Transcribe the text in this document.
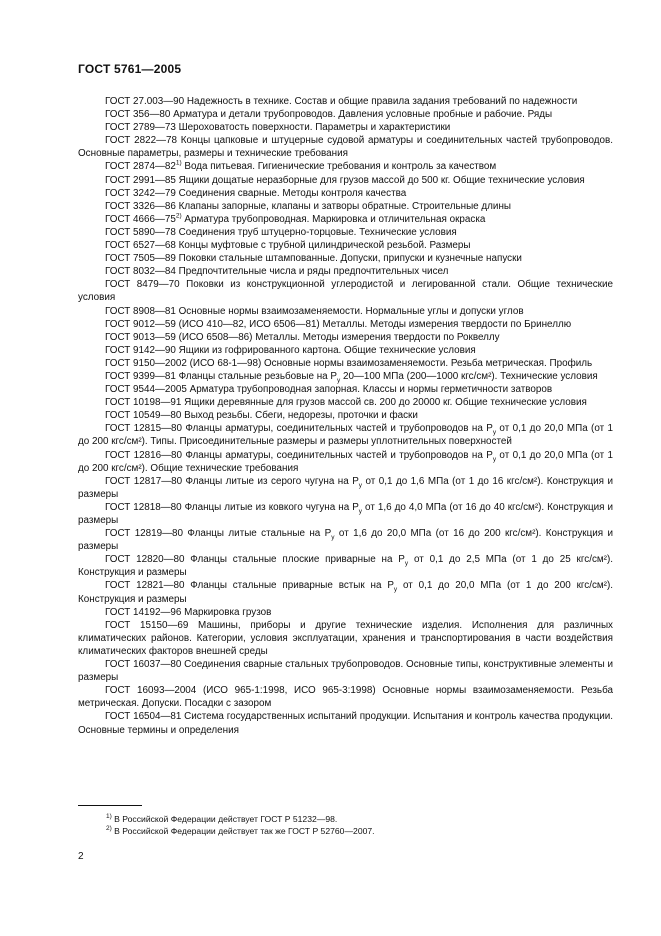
ГОСТ 5761—2005

ГОСТ 27.003—90 Надежность в технике. Состав и общие правила задания требований по надежности

ГОСТ 356—80 Арматура и детали трубопроводов. Давления условные пробные и рабочие. Ряды

ГОСТ 2789—73 Шероховатость поверхности. Параметры и характеристики

ГОСТ 2822—78 Концы цапковые и штуцерные судовой арматуры и соединительных частей трубопроводов. Основные параметры, размеры и технические требования

ГОСТ 2874—82$^{1)}$ Вода питьевая. Гигиенические требования и контроль за качеством

ГОСТ 2991—85 Ящики дощатые неразборные для грузов массой до 500 кг. Общие технические условия

ГОСТ 3242—79 Соединения сварные. Методы контроля качества

ГОСТ 3326—86 Клапаны запорные, клапаны и затворы обратные. Строительные длины

ГОСТ 4666—75$^{2)}$ Арматура трубопроводная. Маркировка и отличительная окраска

ГОСТ 5890—78 Соединения труб штуцерно-торцовые. Технические условия

ГОСТ 6527—68 Концы муфтовые с трубной цилиндрической резьбой. Размеры

ГОСТ 7505—89 Поковки стальные штампованные. Допуски, припуски и кузнечные напуски

ГОСТ 8032—84 Предпочтительные числа и ряды предпочтительных чисел

ГОСТ 8479—70 Поковки из конструкционной углеродистой и легированной стали. Общие технические условия

ГОСТ 8908—81 Основные нормы взаимозаменяемости. Нормальные углы и допуски углов

ГОСТ 9012—59 (ИСО 410—82, ИСО 6506—81) Металлы. Методы измерения твердости по Бринеллю

ГОСТ 9013—59 (ИСО 6508—86) Металлы. Методы измерения твердости по Роквеллу

ГОСТ 9142—90 Ящики из гофрированного картона. Общие технические условия

ГОСТ 9150—2002 (ИСО 68-1—98) Основные нормы взаимозаменяемости. Резьба метрическая. Профиль

ГОСТ 9399—81 Фланцы стальные резьбовые на $P_у$ 20—100 МПа (200—1000 кгс/см²). Технические условия

ГОСТ 9544—2005 Арматура трубопроводная запорная. Классы и нормы герметичности затворов

ГОСТ 10198—91 Ящики деревянные для грузов массой св. 200 до 20000 кг. Общие технические условия

ГОСТ 10549—80 Выход резьбы. Сбеги, недорезы, проточки и фаски

ГОСТ 12815—80 Фланцы арматуры, соединительных частей и трубопроводов на $P_у$ от 0,1 до 20,0 МПа (от 1 до 200 кгс/см²). Типы. Присоединительные размеры и размеры уплотнительных поверхностей

ГОСТ 12816—80 Фланцы арматуры, соединительных частей и трубопроводов на $P_у$ от 0,1 до 20,0 МПа (от 1 до 200 кгс/см²). Общие технические требования

ГОСТ 12817—80 Фланцы литые из серого чугуна на $P_у$ от 0,1 до 1,6 МПа (от 1 до 16 кгс/см²). Конструкция и размеры

ГОСТ 12818—80 Фланцы литые из ковкого чугуна на $P_у$ от 1,6 до 4,0 МПа (от 16 до 40 кгс/см²). Конструкция и размеры

ГОСТ 12819—80 Фланцы литые стальные на $P_у$ от 1,6 до 20,0 МПа (от 16 до 200 кгс/см²). Конструкция и размеры

ГОСТ 12820—80 Фланцы стальные плоские приварные на $P_у$ от 0,1 до 2,5 МПа (от 1 до 25 кгс/см²). Конструкция и размеры

ГОСТ 12821—80 Фланцы стальные приварные встык на $P_у$ от 0,1 до 20,0 МПа (от 1 до 200 кгс/см²). Конструкция и размеры

ГОСТ 14192—96 Маркировка грузов

ГОСТ 15150—69 Машины, приборы и другие технические изделия. Исполнения для различных климатических районов. Категории, условия эксплуатации, хранения и транспортирования в части воздействия климатических факторов внешней среды

ГОСТ 16037—80 Соединения сварные стальных трубопроводов. Основные типы, конструктивные элементы и размеры

ГОСТ 16093—2004 (ИСО 965-1:1998, ИСО 965-3:1998) Основные нормы взаимозаменяемости. Резьба метрическая. Допуски. Посадки с зазором

ГОСТ 16504—81 Система государственных испытаний продукции. Испытания и контроль качества продукции. Основные термины и определения

$^{1)}$ В Российской Федерации действует ГОСТ Р 51232—98.

$^{2)}$ В Российской Федерации действует так же ГОСТ Р 52760—2007.

2
